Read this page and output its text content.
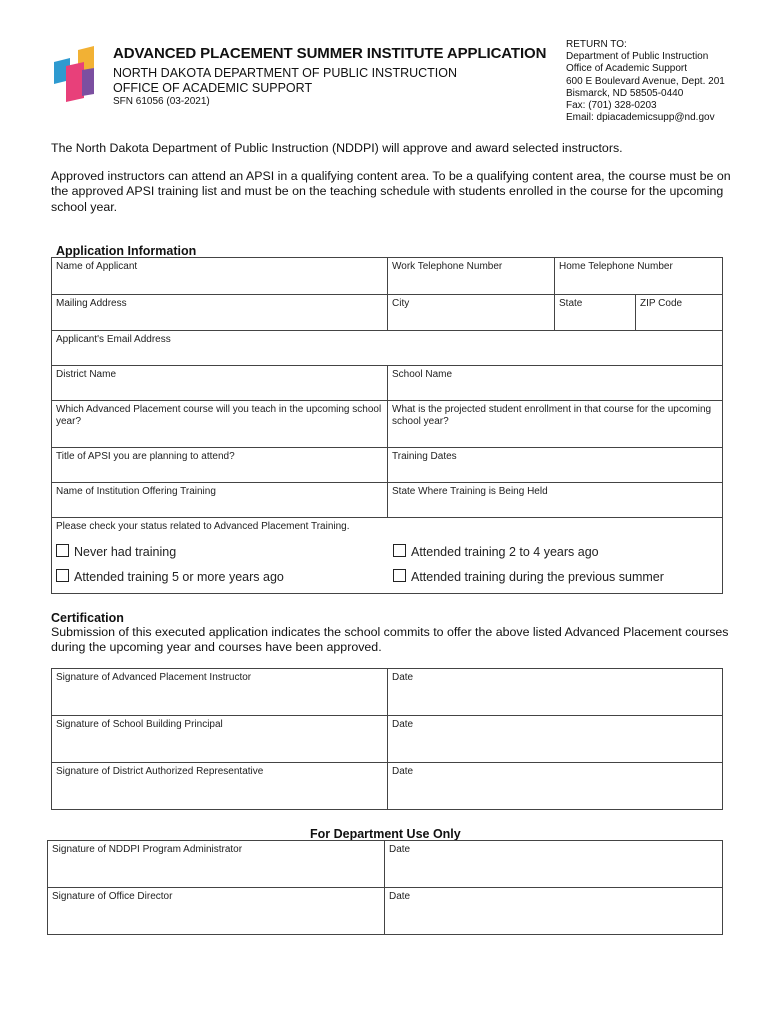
ADVANCED PLACEMENT SUMMER INSTITUTE APPLICATION
NORTH DAKOTA DEPARTMENT OF PUBLIC INSTRUCTION
OFFICE OF ACADEMIC SUPPORT
SFN 61056 (03-2021)
RETURN TO:
Department of Public Instruction
Office of Academic Support
600 E Boulevard Avenue, Dept. 201
Bismarck, ND 58505-0440
Fax: (701) 328-0203
Email: dpiacademicsupp@nd.gov

The North Dakota Department of Public Instruction (NDDPI) will approve and award selected instructors.

Approved instructors can attend an APSI in a qualifying content area. To be a qualifying content area, the course must be on the approved APSI training list and must be on the teaching schedule with students enrolled in the course for the upcoming school year.

Application Information
Name of Applicant	Work Telephone Number	Home Telephone Number	
Mailing Address	City	State	ZIP Code
Applicant's Email Address			
District Name	School Name		
Which Advanced Placement course will you teach in the upcoming school year?	What is the projected student enrollment in that course for the upcoming school year?		
Title of APSI you are planning to attend?	Training Dates		
Name of Institution Offering Training	State Where Training is Being Held		

Please check your status related to Advanced Placement Training.
Never had training Attended training 2 to 4 years ago
Attended training 5 or more years ago Attended training during the previous summer			
Certification
Submission of this executed application indicates the school commits to offer the above listed Advanced Placement courses during the upcoming year and courses have been approved.
Signature of Advanced Placement Instructor	Date
Signature of School Building Principal	Date
Signature of District Authorized Representative	Date
For Department Use Only
Signature of NDDPI Program Administrator	Date
Signature of Office Director	Date
